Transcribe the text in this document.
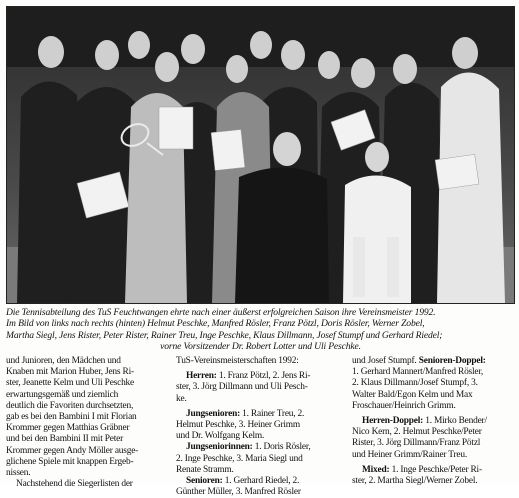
Die Tennisabteilung des TuS Feuchtwangen ehrte nach einer äußerst erfolgreichen Saison ihre Vereinsmeister 1992.
Im Bild von links nach rechts (hinten) Helmut Peschke, Manfred Rösler, Franz Pötzl, Doris Rösler, Werner Zobel,
Martha Siegl, Jens Rister, Peter Rister, Rainer Treu, Inge Peschke, Klaus Dillmann, Josef Stumpf und Gerhard Riedel;
vorne Vorsitzender Dr. Robert Lotter und Uli Peschke.
und Junioren, den Mädchen und
Knaben mit Marion Huber, Jens Ri-
ster, Jeanette Kelm und Uli Peschke
erwartungsgemäß und ziemlich
deutlich die Favoriten durchsetzten,
gab es bei den Bambini I mit Florian
Krommer gegen Matthias Gräbner
und bei den Bambini II mit Peter
Krommer gegen Andy Möller ausge-
glichene Spiele mit knappen Ergeb-
nissen.
Nachstehend die Siegerlisten der
TuS-Vereinsmeisterschaften 1992:
Herren: 1. Franz Pötzl, 2. Jens Ri-
ster, 3. Jörg Dillmann und Uli Pesch-
ke.
Jungsenioren: 1. Rainer Treu, 2.
Helmut Peschke, 3. Heiner Grimm
und Dr. Wolfgang Kelm.
Jungseniorinnen: 1. Doris Rösler,
2. Inge Peschke, 3. Maria Siegl und
Renate Stramm.
Senioren: 1. Gerhard Riedel, 2.
Günther Müller, 3. Manfred Rösler
und Josef Stumpf. Senioren-Doppel:
1. Gerhard Mannert/Manfred Rösler,
2. Klaus Dillmann/Josef Stumpf, 3.
Walter Bald/Egon Kelm und Max
Froschauer/Heinrich Grimm.
Herren-Doppel: 1. Mirko Bender/
Nico Kern, 2. Helmut Peschke/Peter
Rister, 3. Jörg Dillmann/Franz Pötzl
und Heiner Grimm/Rainer Treu.
Mixed: 1. Inge Peschke/Peter Ri-
ster, 2. Martha Siegl/Werner Zobel.
